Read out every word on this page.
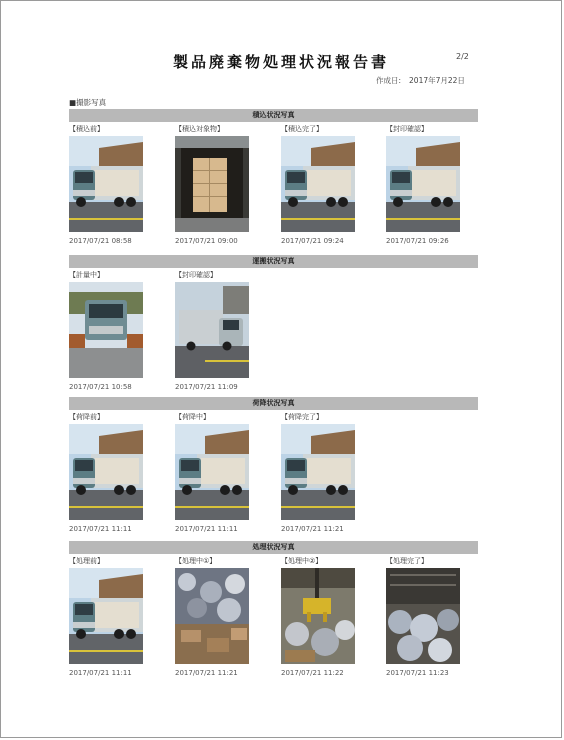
2/2
製品廃棄物処理状況報告書
作成日: 2017年7月22日
■撮影写真
積込状況写真
【積込前】
2017/07/21 08:58
【積込対象物】
2017/07/21 09:00
【積込完了】
2017/07/21 09:24
【封印確認】
2017/07/21 09:26
運搬状況写真
【計量中】
2017/07/21 10:58
【封印確認】
2017/07/21 11:09
荷降状況写真
【荷降前】
2017/07/21 11:11
【荷降中】
2017/07/21 11:11
【荷降完了】
2017/07/21 11:21
処理状況写真
【処理前】
2017/07/21 11:11
【処理中①】
2017/07/21 11:21
【処理中②】
2017/07/21 11:22
【処理完了】
2017/07/21 11:23
